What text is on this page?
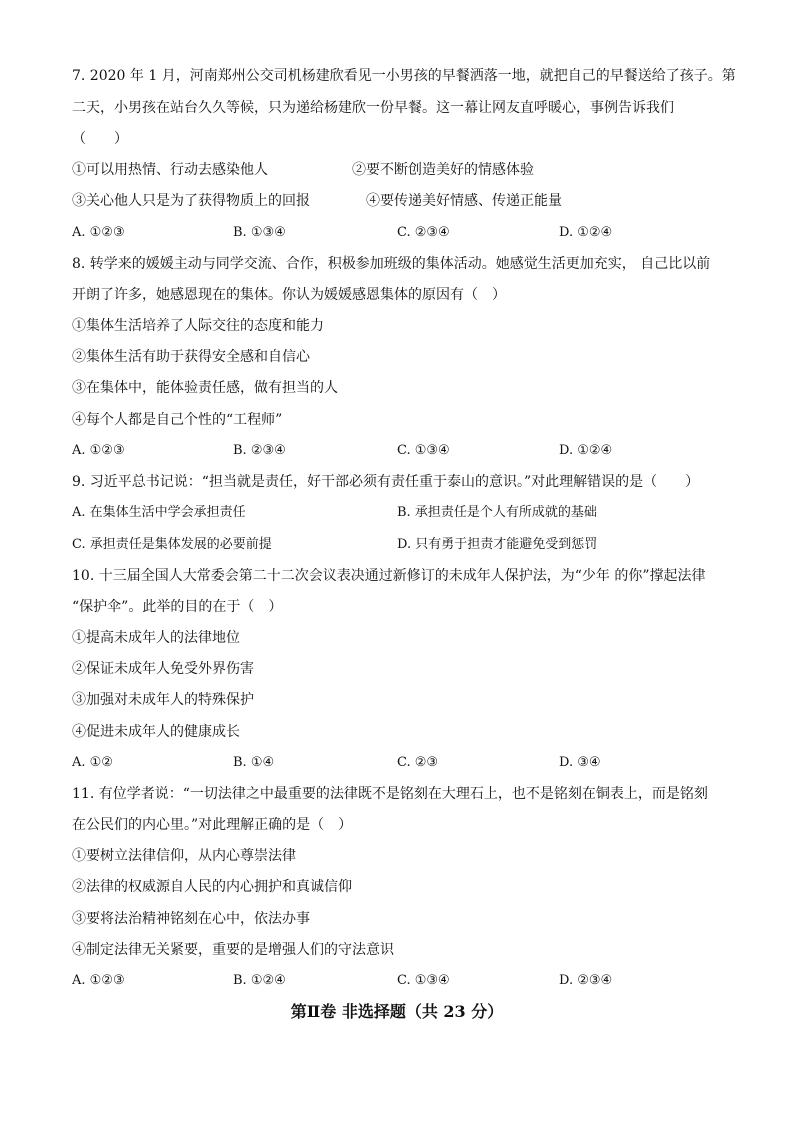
7. 2020 年 1 月，河南郑州公交司机杨建欣看见一小男孩的早餐洒落一地，就把自己的早餐送给了孩子。第
二天，小男孩在站台久久等候，只为递给杨建欣一份早餐。这一幕让网友直呼暖心，事例告诉我们
（　　）
①可以用热情、行动去感染他人	②要不断创造美好的情感体验
③关心他人只是为了获得物质上的回报	④要传递美好情感、传递正能量
A. ①②③	B. ①③④	C. ②③④	D. ①②④
8. 转学来的媛媛主动与同学交流、合作，积极参加班级的集体活动。她感觉生活更加充实， 自己比以前
开朗了许多，她感恩现在的集体。你认为媛媛感恩集体的原因有（　）
①集体生活培养了人际交往的态度和能力
②集体生活有助于获得安全感和自信心
③在集体中，能体验责任感，做有担当的人
④每个人都是自己个性的“工程师”
A. ①②③	B. ②③④	C. ①③④	D. ①②④
9. 习近平总书记说：“担当就是责任，好干部必须有责任重于泰山的意识。”对此理解错误的是（　　）
A. 在集体生活中学会承担责任	B. 承担责任是个人有所成就的基础
C. 承担责任是集体发展的必要前提	D. 只有勇于担责才能避免受到惩罚
10. 十三届全国人大常委会第二十二次会议表决通过新修订的未成年人保护法，为“少年 的你”撑起法律
“保护伞”。此举的目的在于（　）
①提高未成年人的法律地位
②保证未成年人免受外界伤害
③加强对未成年人的特殊保护
④促进未成年人的健康成长
A. ①②	B. ①④	C. ②③	D. ③④
11. 有位学者说：“一切法律之中最重要的法律既不是铭刻在大理石上，也不是铭刻在铜表上，而是铭刻
在公民们的内心里。”对此理解正确的是（　）
①要树立法律信仰，从内心尊崇法律
②法律的权威源自人民的内心拥护和真诚信仰
③要将法治精神铭刻在心中，依法办事
④制定法律无关紧要，重要的是增强人们的守法意识
A. ①②③	B. ①②④	C. ①③④	D. ②③④
第Ⅱ卷 非选择题（共 23 分）
